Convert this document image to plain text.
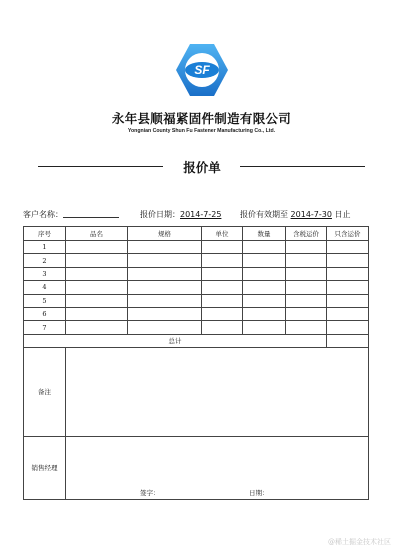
SF
永年县顺福紧固件制造有限公司
Yongnian County Shun Fu Fastener Manufacturing Co., Ltd.
报价单
客户名称：	报价日期：2014-7-25 报价有效期至 2014-7-30 日止
序号	品名	规格	单位	数量	含税运价	只含运价
1						
2						
3						
4						
5						
6						
7						
总计						
备注						
销售经理	签字： 日期：					
@稀土掘金技术社区
